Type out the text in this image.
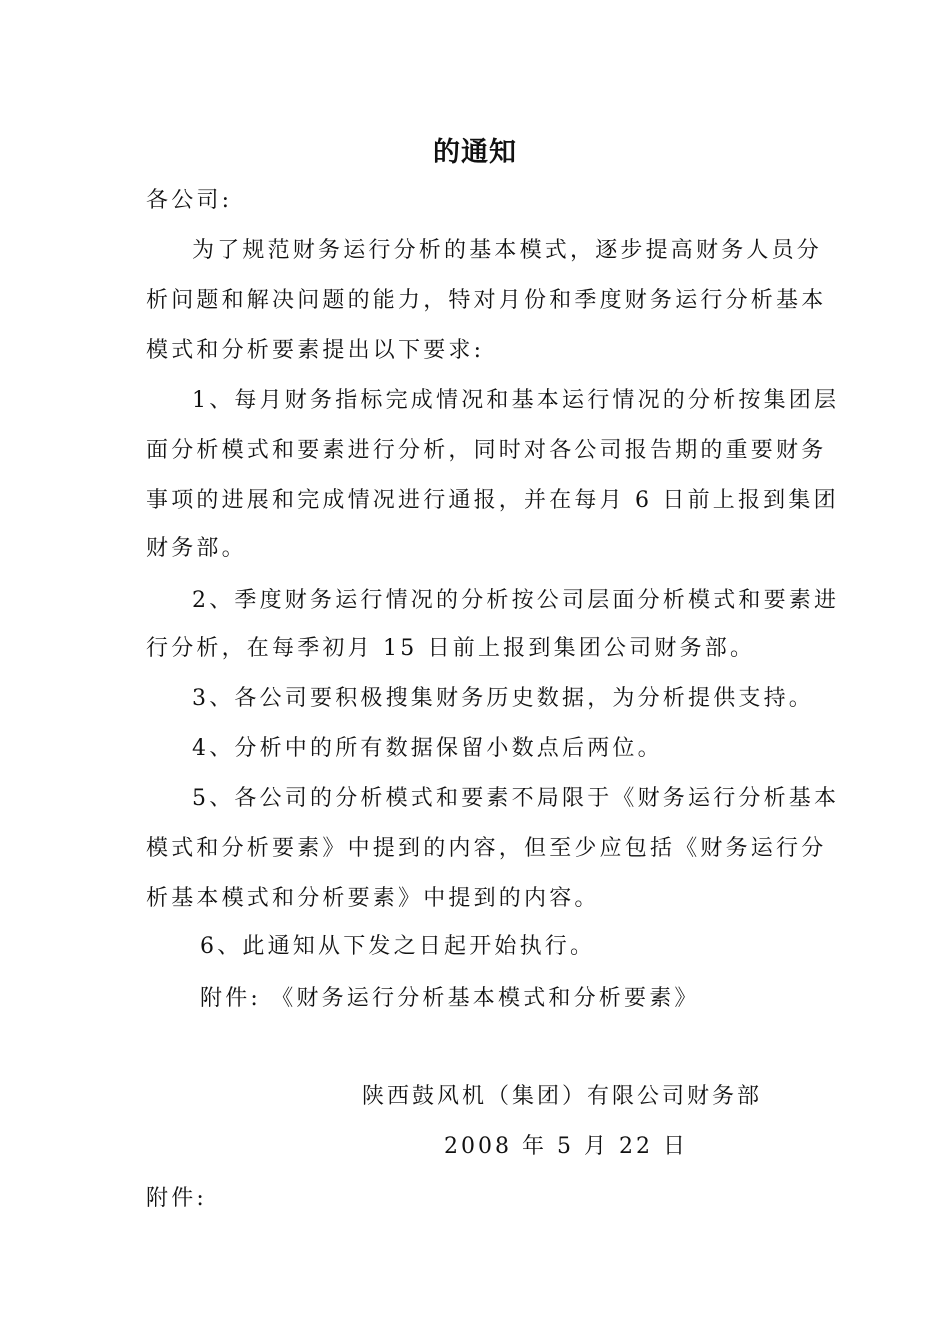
的通知
各公司:
为了规范财务运行分析的基本模式，逐步提高财务人员分
析问题和解决问题的能力，特对月份和季度财务运行分析基本
模式和分析要素提出以下要求:
1、每月财务指标完成情况和基本运行情况的分析按集团层
面分析模式和要素进行分析，同时对各公司报告期的重要财务
事项的进展和完成情况进行通报，并在每月 6 日前上报到集团
财务部。
2、季度财务运行情况的分析按公司层面分析模式和要素进
行分析，在每季初月 15 日前上报到集团公司财务部。
3、各公司要积极搜集财务历史数据，为分析提供支持。
4、分析中的所有数据保留小数点后两位。
5、各公司的分析模式和要素不局限于《财务运行分析基本
模式和分析要素》中提到的内容，但至少应包括《财务运行分
析基本模式和分析要素》中提到的内容。
6、此通知从下发之日起开始执行。
附件: 《财务运行分析基本模式和分析要素》
陕西鼓风机（集团）有限公司财务部
2008 年 5 月 22 日
附件:
